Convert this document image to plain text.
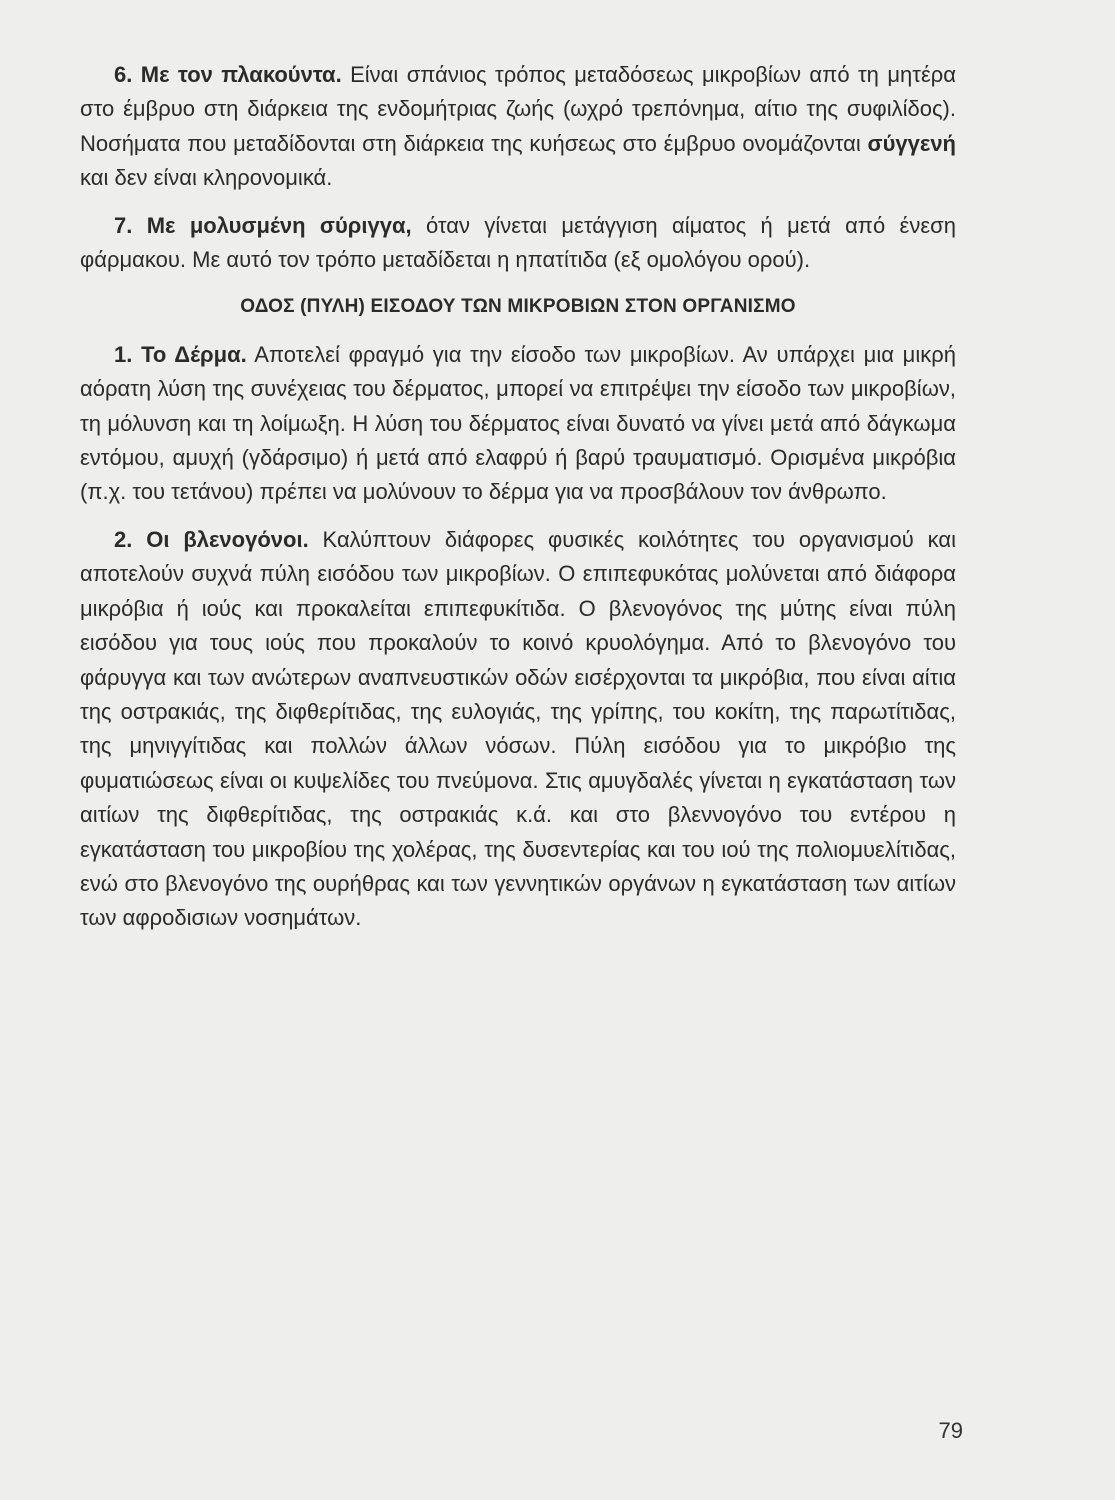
6. Με τον πλακούντα. Είναι σπάνιος τρόπος μεταδόσεως μικροβίων από τη μητέρα στο έμβρυο στη διάρκεια της ενδομήτριας ζωής (ωχρό τρεπόνημα, αίτιο της συφιλίδος). Νοσήματα που μεταδίδονται στη διάρκεια της κυήσεως στο έμβρυο ονομάζονται σύγγενή και δεν είναι κληρονομικά.

7. Με μολυσμένη σύριγγα, όταν γίνεται μετάγγιση αίματος ή μετά από ένεση φάρμακου. Με αυτό τον τρόπο μεταδίδεται η ηπατίτιδα (εξ ομολόγου ορού).

ΟΔΟΣ (ΠΥΛΗ) ΕΙΣΟΔΟΥ ΤΩΝ ΜΙΚΡΟΒΙΩΝ ΣΤΟΝ ΟΡΓΑΝΙΣΜΟ

1. Το Δέρμα. Αποτελεί φραγμό για την είσοδο των μικροβίων. Αν υπάρχει μια μικρή αόρατη λύση της συνέχειας του δέρματος, μπορεί να επιτρέψει την είσοδο των μικροβίων, τη μόλυνση και τη λοίμωξη. Η λύση του δέρματος είναι δυνατό να γίνει μετά από δάγκωμα εντόμου, αμυχή (γδάρσιμο) ή μετά από ελαφρύ ή βαρύ τραυματισμό. Ορισμένα μικρόβια (π.χ. του τετάνου) πρέπει να μολύνουν το δέρμα για να προσβάλουν τον άνθρωπο.

2. Οι βλενογόνοι. Καλύπτουν διάφορες φυσικές κοιλότητες του οργανισμού και αποτελούν συχνά πύλη εισόδου των μικροβίων. Ο επιπεφυκότας μολύνεται από διάφορα μικρόβια ή ιούς και προκαλείται επιπεφυκίτιδα. Ο βλενογόνος της μύτης είναι πύλη εισόδου για τους ιούς που προκαλούν το κοινό κρυολόγημα. Από το βλενογόνο του φάρυγγα και των ανώτερων αναπνευστικών οδών εισέρχονται τα μικρόβια, που είναι αίτια της οστρακιάς, της διφθερίτιδας, της ευλογιάς, της γρίπης, του κοκίτη, της παρωτίτιδας, της μηνιγγίτιδας και πολλών άλλων νόσων. Πύλη εισόδου για το μικρόβιο της φυματιώσεως είναι οι κυψελίδες του πνεύμονα. Στις αμυγδαλές γίνεται η εγκατάσταση των αιτίων της διφθερίτιδας, της οστρακιάς κ.ά. και στο βλεννογόνο του εντέρου η εγκατάσταση του μικροβίου της χολέρας, της δυσεντερίας και του ιού της πολιομυελίτιδας, ενώ στο βλενογόνο της ουρήθρας και των γεννητικών οργάνων η εγκατάσταση των αιτίων των αφροδισιων νοσημάτων.

79
